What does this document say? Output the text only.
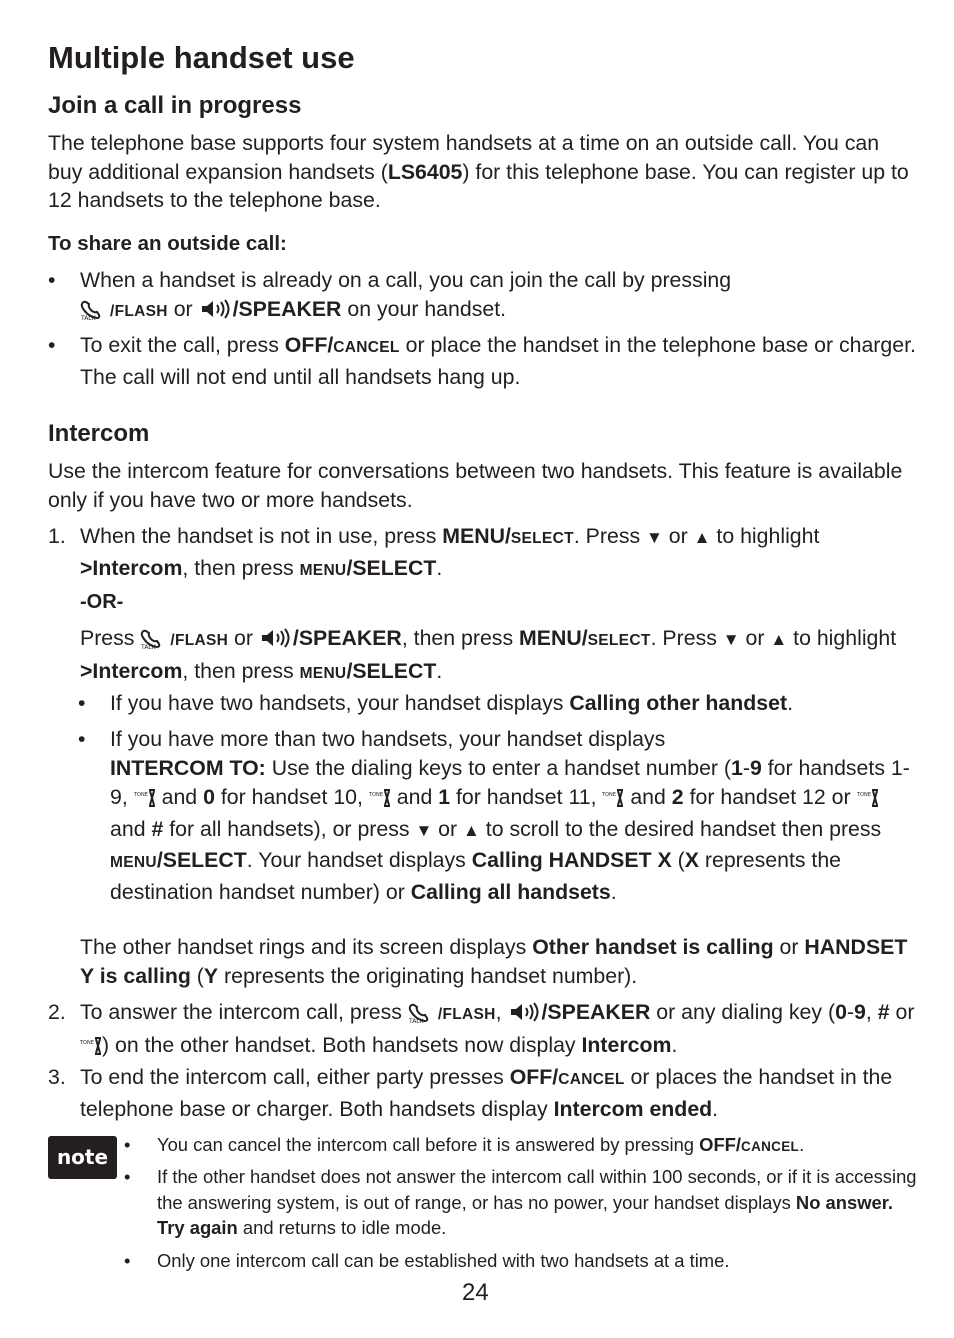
Multiple handset use
Join a call in progress

The telephone base supports four system handsets at a time on an outside call. You can buy additional expansion handsets (LS6405) for this telephone base. You can register up to 12 handsets to the telephone base.

To share an outside call:

• When a handset is already on a call, you can join the call by pressing

TALK /FLASH or /SPEAKER on your handset.
• To exit the call, press OFF/CANCEL or place the handset in the telephone base or charger. The call will not end until all handsets hang up.
Intercom

Use the intercom feature for conversations between two handsets. This feature is available only if you have two or more handsets.

1. When the handset is not in use, press MENU/SELECT. Press ▼ or ▲ to highlight >Intercom, then press MENU/SELECT.
-OR-
Press TALK /FLASH or /SPEAKER, then press MENU/SELECT. Press ▼ or ▲ to highlight >Intercom, then press MENU/SELECT.
• If you have two handsets, your handset displays Calling other handset.
• If you have more than two handsets, your handset displays
INTERCOM TO: Use the dialing keys to enter a handset number (1-9 for handsets 1-9, TONE and 0 for handset 10, TONE and 1 for handset 11, TONE and 2 for handset 12 or TONE
and # for all handsets), or press ▼ or ▲ to scroll to the desired handset then press MENU/SELECT. Your handset displays Calling HANDSET X (X represents the destination handset number) or Calling all handsets.
The other handset rings and its screen displays Other handset is calling or HANDSET Y is calling (Y represents the originating handset number).
2. To answer the intercom call, press TALK /FLASH, /SPEAKER or any dialing key (0-9, # or
TONE ) on the other handset. Both handsets now display Intercom.
3. To end the intercom call, either party presses OFF/CANCEL or places the handset in the telephone base or charger. Both handsets display Intercom ended.
note
• You can cancel the intercom call before it is answered by pressing OFF/CANCEL.
• If the other handset does not answer the intercom call within 100 seconds, or if it is accessing the answering system, is out of range, or has no power, your handset displays No answer. Try again and returns to idle mode.
• Only one intercom call can be established with two handsets at a time.
24
